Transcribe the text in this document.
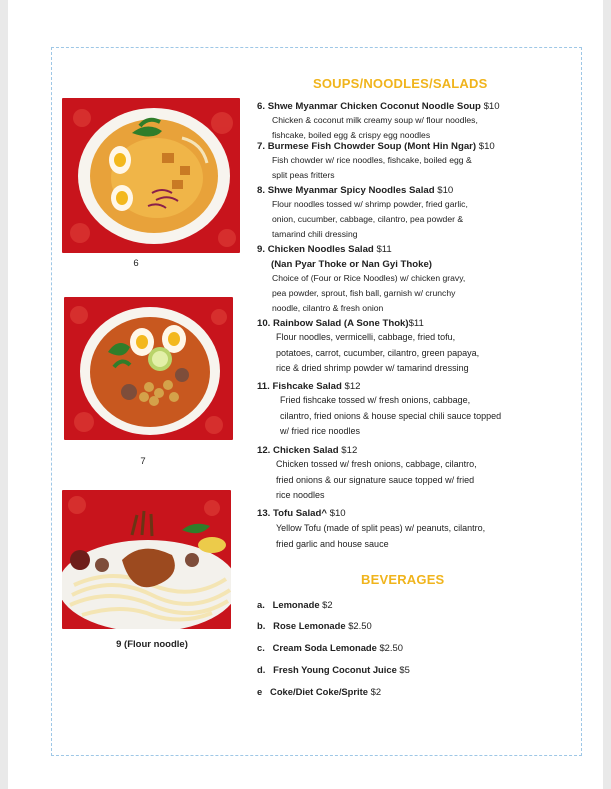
6
7
9 (Flour noodle)
SOUPS/NOODLES/SALADS
6. Shwe Myanmar Chicken Coconut Noodle Soup $10
Chicken & coconut milk creamy soup w/ flour noodles,
fishcake, boiled egg & crispy egg noodles
7. Burmese Fish Chowder Soup (Mont Hin Ngar) $10
Fish chowder w/ rice noodles, fishcake, boiled egg &
split peas fritters
8. Shwe Myanmar Spicy Noodles Salad $10
Flour noodles tossed w/ shrimp powder, fried garlic,
onion, cucumber, cabbage, cilantro, pea powder &
tamarind chili dressing
9. Chicken Noodles Salad $11
(Nan Pyar Thoke or Nan Gyi Thoke)
Choice of (Four or Rice Noodles) w/ chicken gravy,
pea powder, sprout, fish ball, garnish w/ crunchy
noodle, cilantro & fresh onion
10. Rainbow Salad (A Sone Thok)$11
Flour noodles, vermicelli, cabbage, fried tofu,
potatoes, carrot, cucumber, cilantro, green papaya,
rice & dried shrimp powder w/ tamarind dressing
11. Fishcake Salad $12
Fried fishcake tossed w/ fresh onions, cabbage,
cilantro, fried onions & house special chili sauce topped
w/ fried rice noodles
12. Chicken Salad $12
Chicken tossed w/ fresh onions, cabbage, cilantro,
fried onions & our signature sauce topped w/ fried
rice noodles
13. Tofu Salad^ $10
Yellow Tofu (made of split peas) w/ peanuts, cilantro,
fried garlic and house sauce
BEVERAGES
a. Lemonade $2
b. Rose Lemonade $2.50
c. Cream Soda Lemonade $2.50
d. Fresh Young Coconut Juice $5
e Coke/Diet Coke/Sprite $2
